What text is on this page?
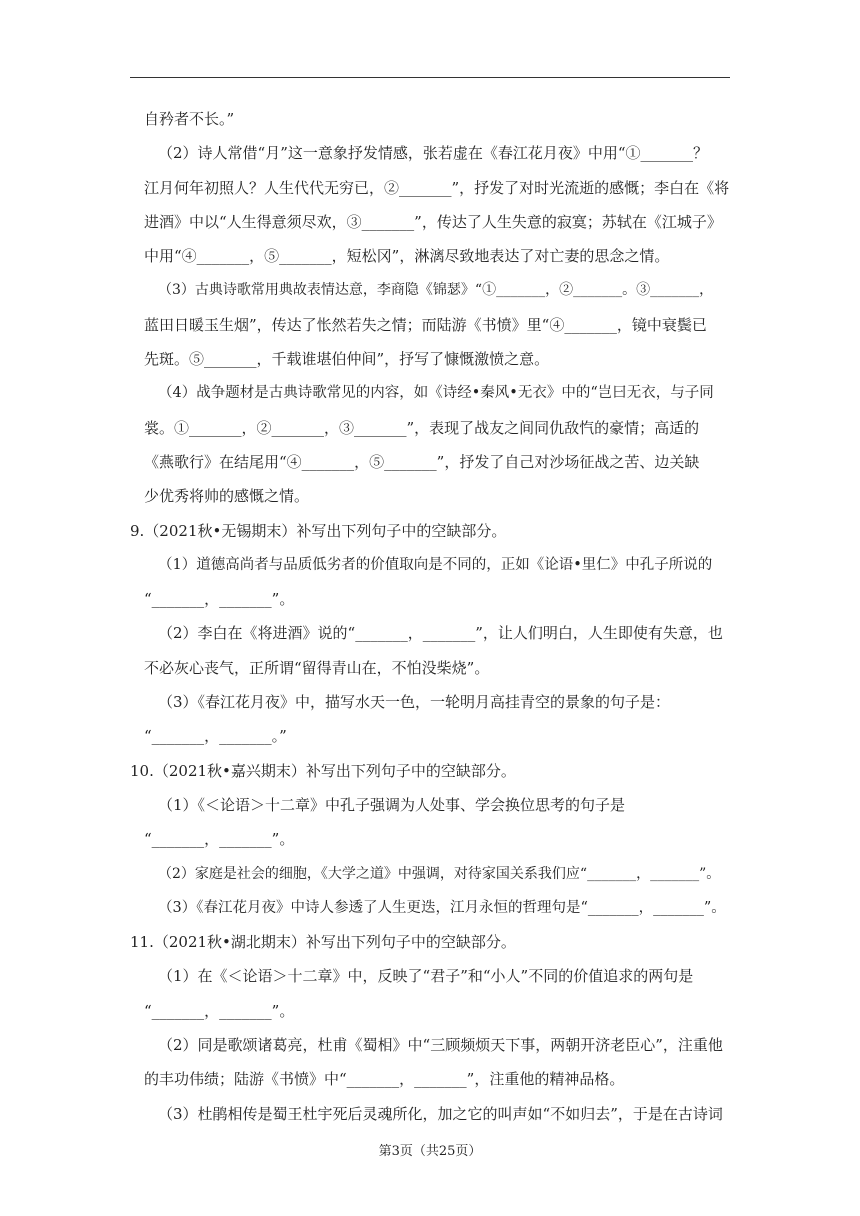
自矜者不长。”
（2）诗人常借“月”这一意象抒发情感，张若虚在《春江花月夜》中用“①_______？
江月何年初照人？人生代代无穷已，②_______”，抒发了对时光流逝的感慨；李白在《将
进酒》中以“人生得意须尽欢，③_______”，传达了人生失意的寂寞；苏轼在《江城子》
中用“④_______，⑤_______，短松冈”，淋漓尽致地表达了对亡妻的思念之情。
（3）古典诗歌常用典故表情达意，李商隐《锦瑟》“①_______，②_______。③_______，
蓝田日暖玉生烟”，传达了怅然若失之情；而陆游《书愤》里“④_______，镜中衰鬓已
先斑。⑤_______，千载谁堪伯仲间”，抒写了慷慨激愤之意。
（4）战争题材是古典诗歌常见的内容，如《诗经•秦风•无衣》中的“岂曰无衣，与子同
裳。①_______，②_______，③_______”，表现了战友之间同仇敌忾的豪情；高适的
《燕歌行》在结尾用“④_______，⑤_______”，抒发了自己对沙场征战之苦、边关缺
少优秀将帅的感慨之情。
9.（2021秋•无锡期末）补写出下列句子中的空缺部分。
（1）道德高尚者与品质低劣者的价值取向是不同的，正如《论语•里仁》中孔子所说的
“_______，_______”。
（2）李白在《将进酒》说的“_______，_______”，让人们明白，人生即使有失意，也
不必灰心丧气，正所谓“留得青山在，不怕没柴烧”。
（3）《春江花月夜》中，描写水天一色，一轮明月高挂青空的景象的句子是：
“_______，_______。”
10.（2021秋•嘉兴期末）补写出下列句子中的空缺部分。
（1）《＜论语＞十二章》中孔子强调为人处事、学会换位思考的句子是
“_______，_______”。
（2）家庭是社会的细胞，《大学之道》中强调，对待家国关系我们应“_______，_______”。
（3）《春江花月夜》中诗人参透了人生更迭，江月永恒的哲理句是“_______，_______”。
11.（2021秋•湖北期末）补写出下列句子中的空缺部分。
（1）在《＜论语＞十二章》中，反映了“君子”和“小人”不同的价值追求的两句是
“_______，_______”。
（2）同是歌颂诸葛亮，杜甫《蜀相》中“三顾频烦天下事，两朝开济老臣心”，注重他
的丰功伟绩；陆游《书愤》中“_______，_______”，注重他的精神品格。
（3）杜鹃相传是蜀王杜宇死后灵魂所化，加之它的叫声如“不如归去”，于是在古诗词
第3页（共25页）
